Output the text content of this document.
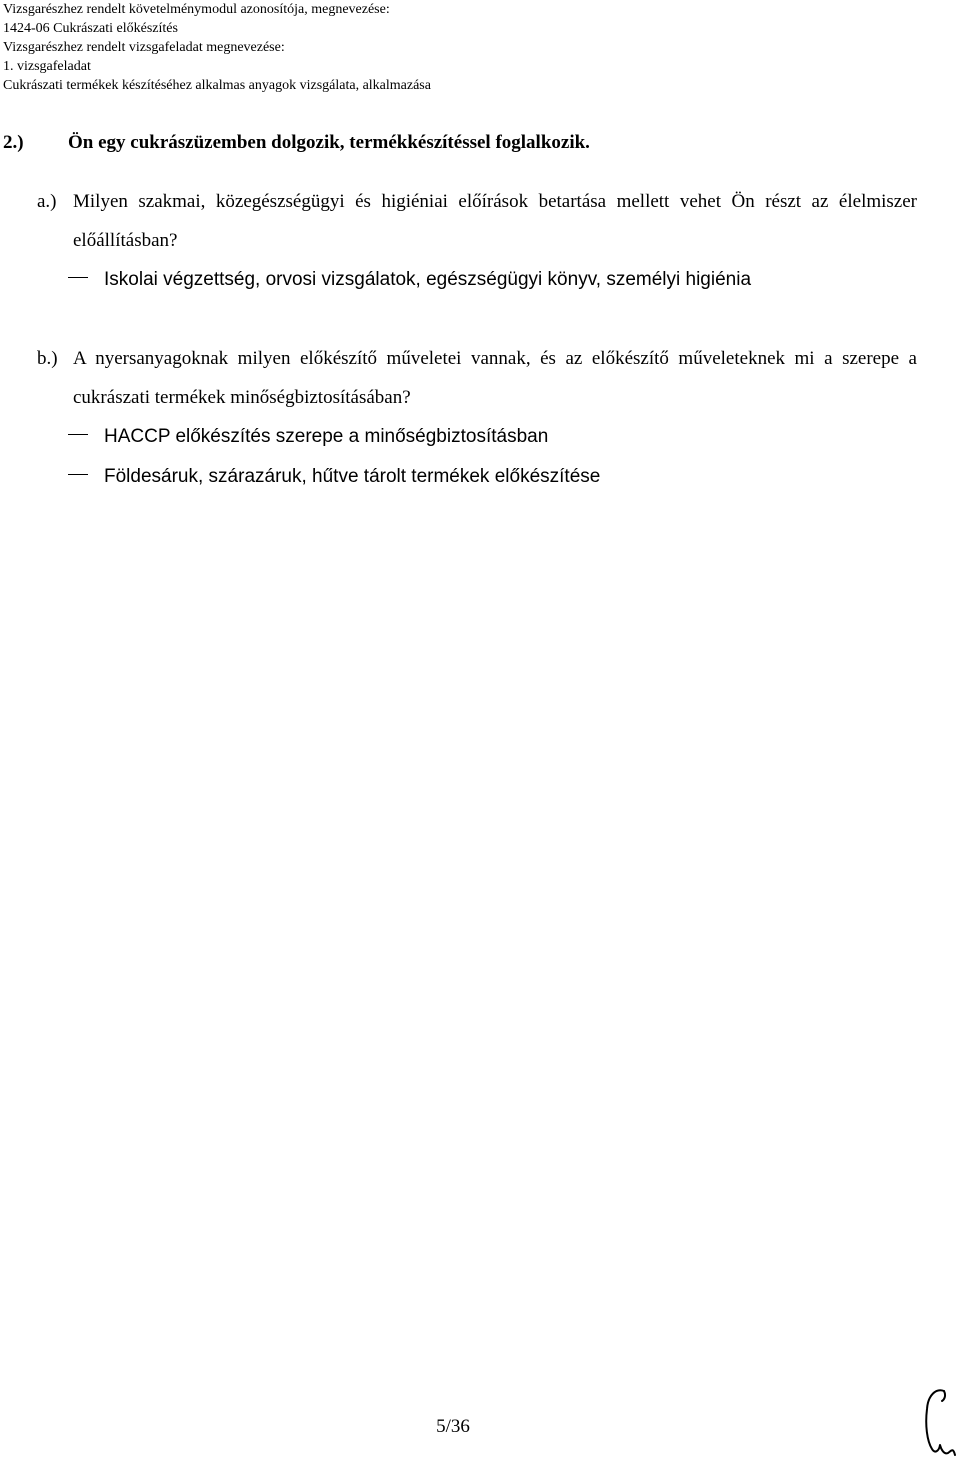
Vizsgarészhez rendelt követelménymodul azonosítója, megnevezése:
1424-06 Cukrászati előkészítés
Vizsgarészhez rendelt vizsgafeladat megnevezése:
1. vizsgafeladat
Cukrászati termékek készítéséhez alkalmas anyagok vizsgálata, alkalmazása
2.) Ön egy cukrászüzemben dolgozik, termékkészítéssel foglalkozik.
a.) Milyen szakmai, közegészségügyi és higiéniai előírások betartása mellett vehet Ön részt az élelmiszer előállításban?
Iskolai végzettség, orvosi vizsgálatok, egészségügyi könyv, személyi higiénia
b.) A nyersanyagoknak milyen előkészítő műveletei vannak, és az előkészítő műveleteknek mi a szerepe a cukrászati termékek minőségbiztosításában?
HACCP előkészítés szerepe a minőségbiztosításban
Földesáruk, szárazáruk, hűtve tárolt termékek előkészítése
5/36
